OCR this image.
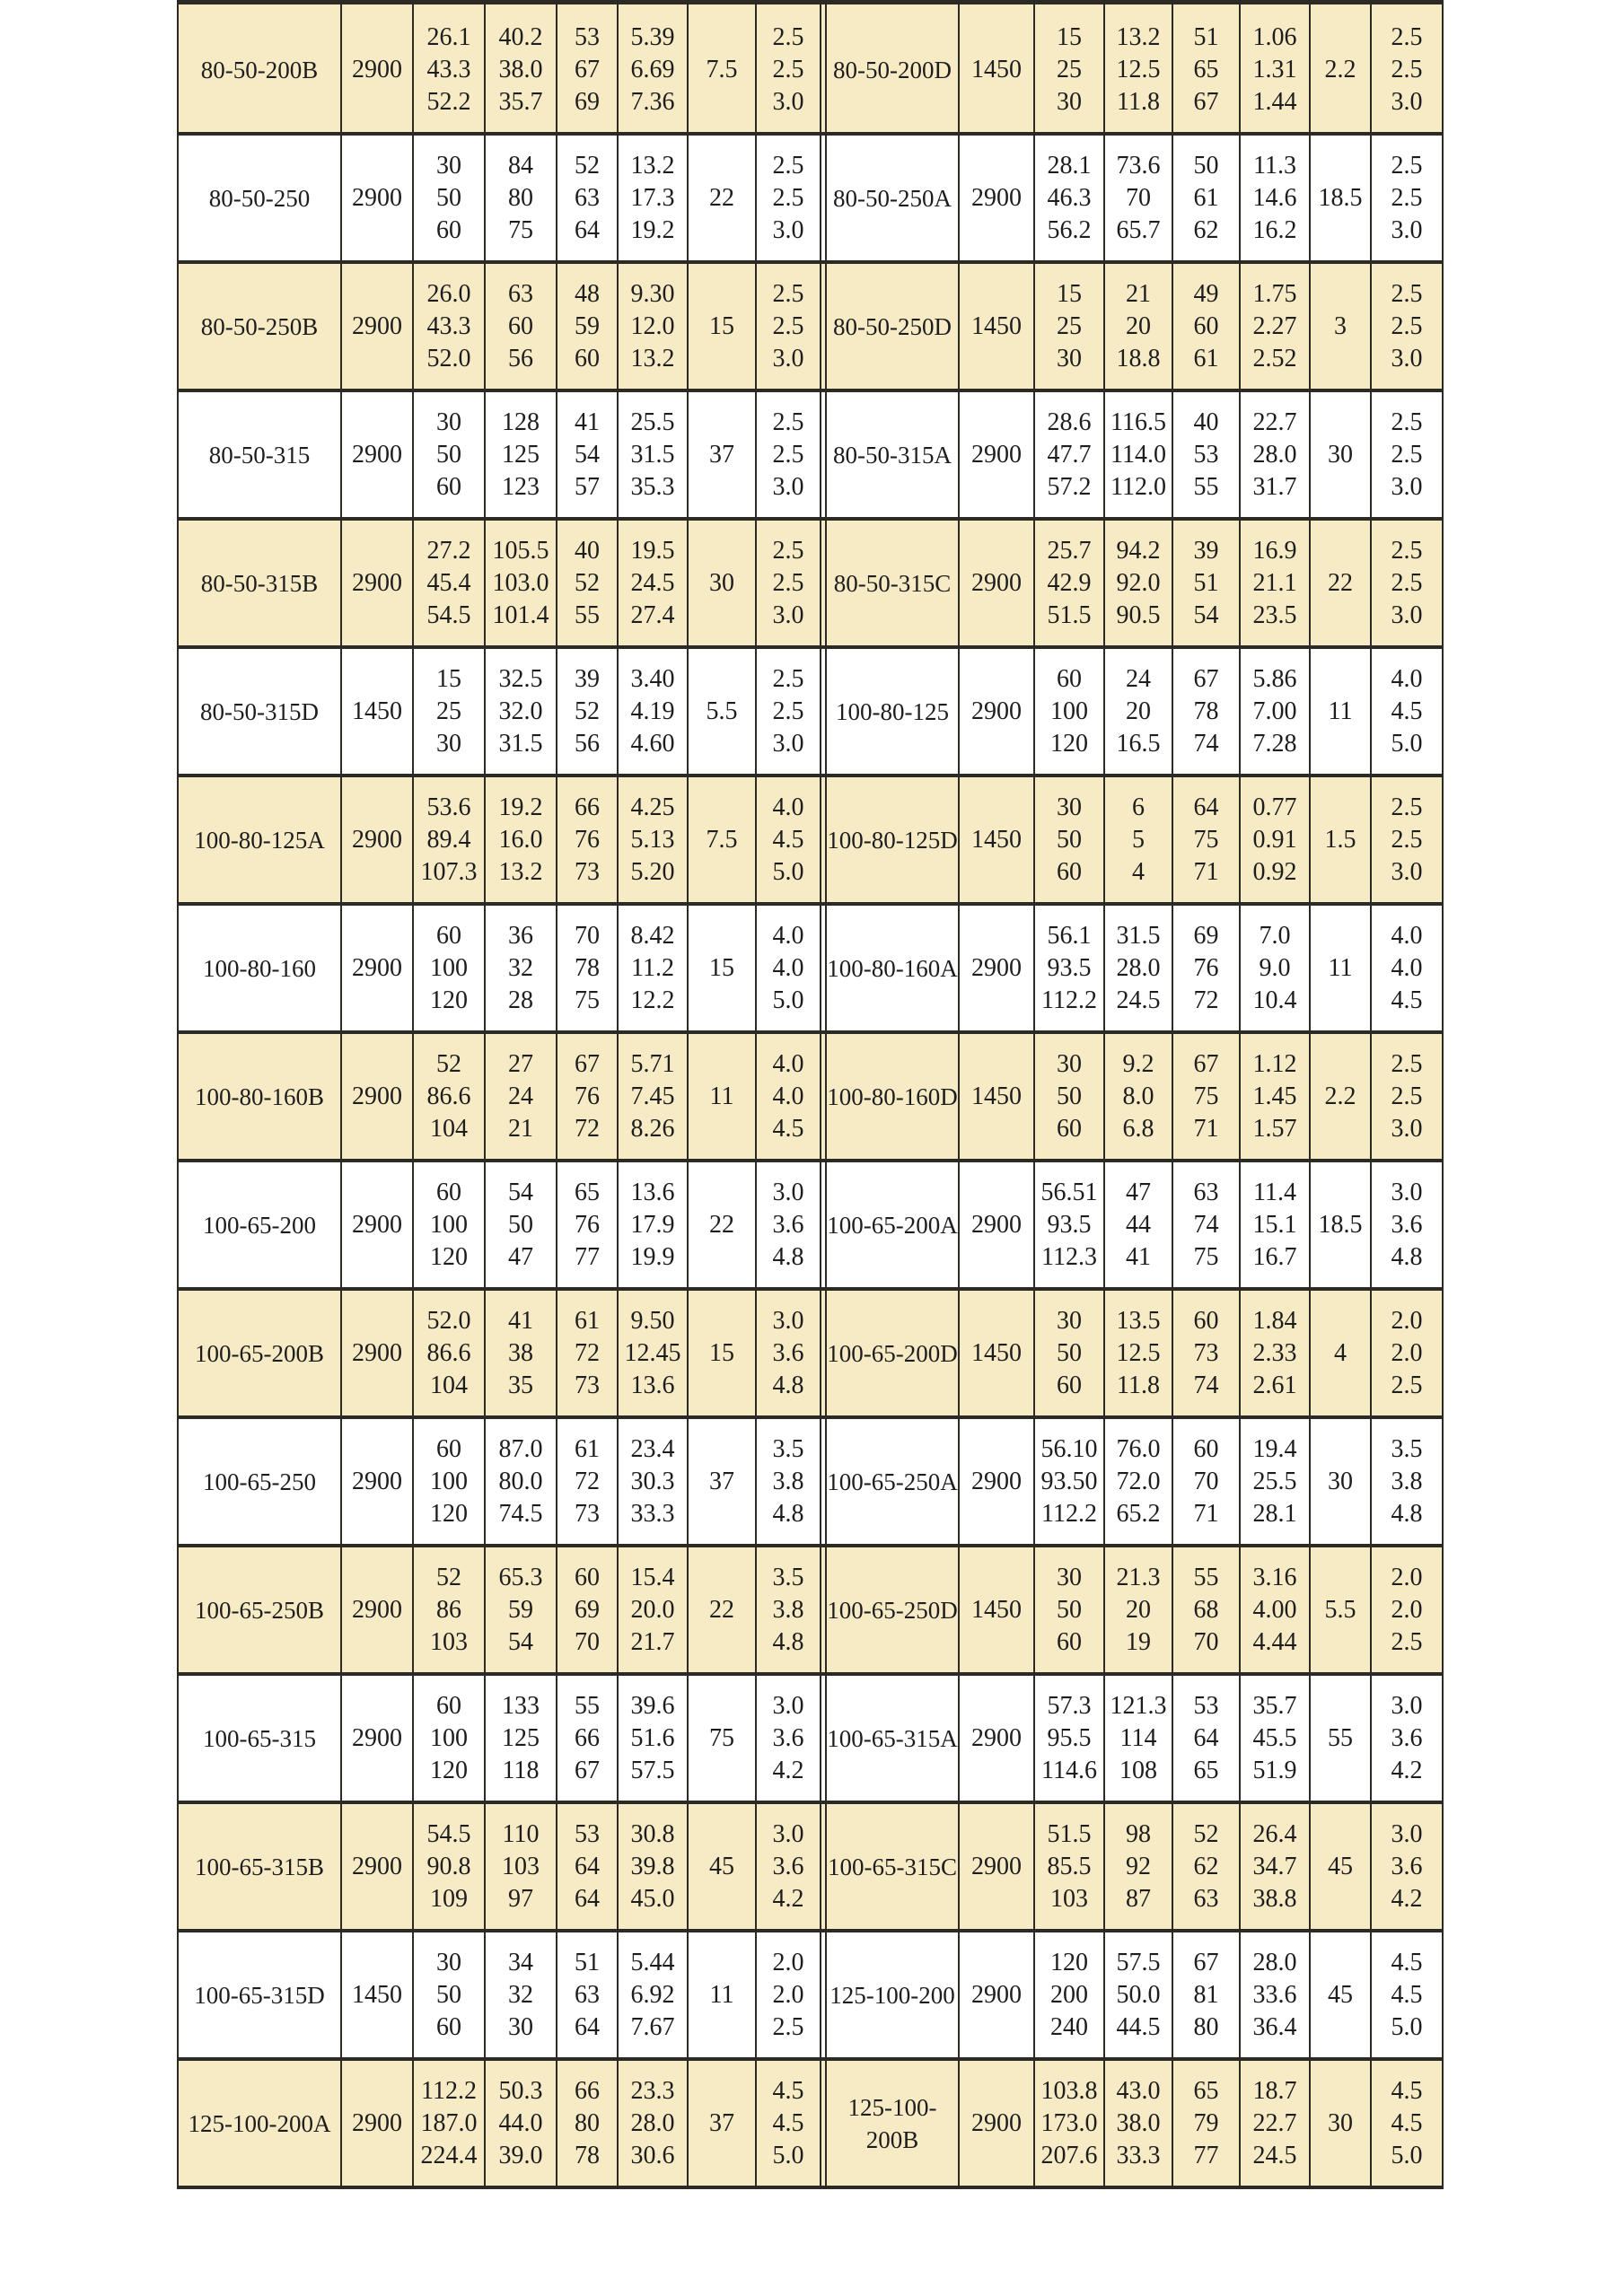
80-50-200B 2900
26.1
43.3
52.2
40.2
38.0
35.7
53
67
69
5.39
6.69
7.36
7.5
2.5
2.5
3.0
80-50-200D 1450
15
25
30
13.2
12.5
11.8
51
65
67
1.06
1.31
1.44
2.2
2.5
2.5
3.0
80-50-250 2900
30
50
60
84
80
75
52
63
64
13.2
17.3
19.2
22
2.5
2.5
3.0
80-50-250A 2900
28.1
46.3
56.2
73.6
70
65.7
50
61
62
11.3
14.6
16.2
18.5
2.5
2.5
3.0
80-50-250B 2900
26.0
43.3
52.0
63
60
56
48
59
60
9.30
12.0
13.2
15
2.5
2.5
3.0
80-50-250D 1450
15
25
30
21
20
18.8
49
60
61
1.75
2.27
2.52
3
2.5
2.5
3.0
80-50-315 2900
30
50
60
128
125
123
41
54
57
25.5
31.5
35.3
37
2.5
2.5
3.0
80-50-315A 2900
28.6
47.7
57.2
116.5
114.0
112.0
40
53
55
22.7
28.0
31.7
30
2.5
2.5
3.0
80-50-315B 2900
27.2
45.4
54.5
105.5
103.0
101.4
40
52
55
19.5
24.5
27.4
30
2.5
2.5
3.0
80-50-315C 2900
25.7
42.9
51.5
94.2
92.0
90.5
39
51
54
16.9
21.1
23.5
22
2.5
2.5
3.0
80-50-315D 1450
15
25
30
32.5
32.0
31.5
39
52
56
3.40
4.19
4.60
5.5
2.5
2.5
3.0
100-80-125 2900
60
100
120
24
20
16.5
67
78
74
5.86
7.00
7.28
11
4.0
4.5
5.0
100-80-125A 2900
53.6
89.4
107.3
19.2
16.0
13.2
66
76
73
4.25
5.13
5.20
7.5
4.0
4.5
5.0
100-80-125D 1450
30
50
60
6
5
4
64
75
71
0.77
0.91
0.92
1.5
2.5
2.5
3.0
100-80-160 2900
60
100
120
36
32
28
70
78
75
8.42
11.2
12.2
15
4.0
4.0
5.0
100-80-160A 2900
56.1
93.5
112.2
31.5
28.0
24.5
69
76
72
7.0
9.0
10.4
11
4.0
4.0
4.5
100-80-160B 2900
52
86.6
104
27
24
21
67
76
72
5.71
7.45
8.26
11
4.0
4.0
4.5
100-80-160D 1450
30
50
60
9.2
8.0
6.8
67
75
71
1.12
1.45
1.57
2.2
2.5
2.5
3.0
100-65-200 2900
60
100
120
54
50
47
65
76
77
13.6
17.9
19.9
22
3.0
3.6
4.8
100-65-200A 2900
56.51
93.5
112.3
47
44
41
63
74
75
11.4
15.1
16.7
18.5
3.0
3.6
4.8
100-65-200B 2900
52.0
86.6
104
41
38
35
61
72
73
9.50
12.45
13.6
15
3.0
3.6
4.8
100-65-200D 1450
30
50
60
13.5
12.5
11.8
60
73
74
1.84
2.33
2.61
4
2.0
2.0
2.5
100-65-250 2900
60
100
120
87.0
80.0
74.5
61
72
73
23.4
30.3
33.3
37
3.5
3.8
4.8
100-65-250A 2900
56.10
93.50
112.2
76.0
72.0
65.2
60
70
71
19.4
25.5
28.1
30
3.5
3.8
4.8
100-65-250B 2900
52
86
103
65.3
59
54
60
69
70
15.4
20.0
21.7
22
3.5
3.8
4.8
100-65-250D 1450
30
50
60
21.3
20
19
55
68
70
3.16
4.00
4.44
5.5
2.0
2.0
2.5
100-65-315 2900
60
100
120
133
125
118
55
66
67
39.6
51.6
57.5
75
3.0
3.6
4.2
100-65-315A 2900
57.3
95.5
114.6
121.3
114
108
53
64
65
35.7
45.5
51.9
55
3.0
3.6
4.2
100-65-315B 2900
54.5
90.8
109
110
103
97
53
64
64
30.8
39.8
45.0
45
3.0
3.6
4.2
100-65-315C 2900
51.5
85.5
103
98
92
87
52
62
63
26.4
34.7
38.8
45
3.0
3.6
4.2
100-65-315D 1450
30
50
60
34
32
30
51
63
64
5.44
6.92
7.67
11
2.0
2.0
2.5
125-100-200 2900
120
200
240
57.5
50.0
44.5
67
81
80
28.0
33.6
36.4
45
4.5
4.5
5.0
125-100-200A 2900
112.2
187.0
224.4
50.3
44.0
39.0
66
80
78
23.3
28.0
30.6
37
4.5
4.5
5.0
125-100-200B
2900
103.8
173.0
207.6
43.0
38.0
33.3
65
79
77
18.7
22.7
24.5
30
4.5
4.5
5.0
